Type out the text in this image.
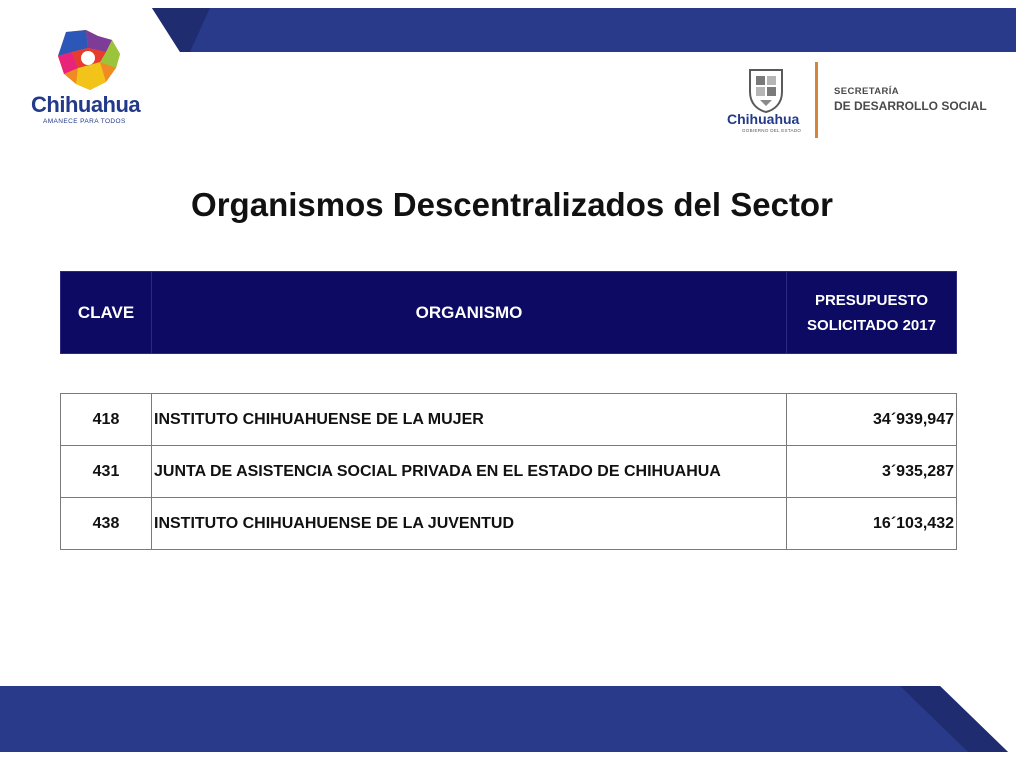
Chihuahua
AMANECE PARA TODOS	Chihuahua
GOBIERNO DEL ESTADO
SECRETARÍA
DE DESARROLLO SOCIAL
Organismos Descentralizados del Sector
CLAVE	ORGANISMO	PRESUPUESTO
SOLICITADO 2017
418	INSTITUTO CHIHUAHUENSE DE LA MUJER	34´939,947
431	JUNTA DE ASISTENCIA SOCIAL PRIVADA EN EL ESTADO DE CHIHUAHUA	3´935,287
438	INSTITUTO CHIHUAHUENSE DE LA JUVENTUD	16´103,432
